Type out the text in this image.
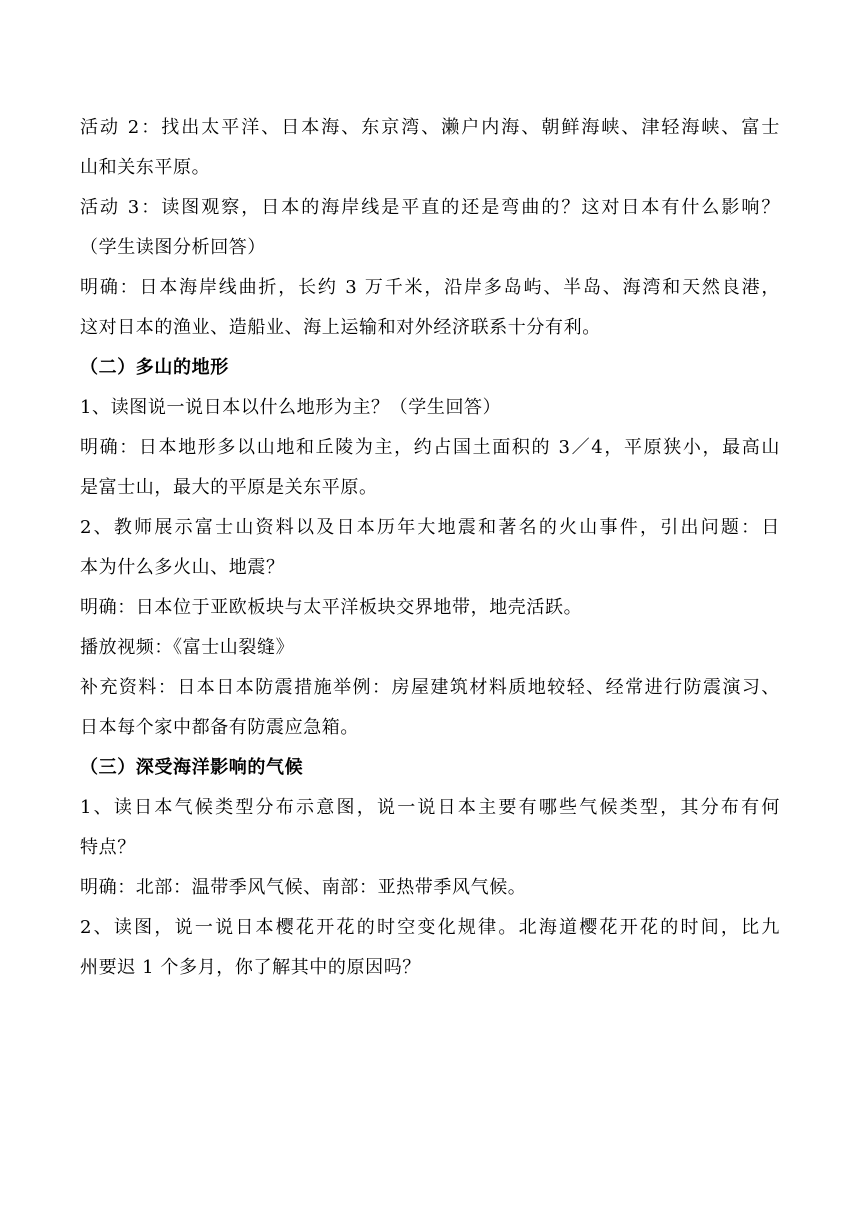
活动 2：找出太平洋、日本海、东京湾、濑户内海、朝鲜海峡、津轻海峡、富士
山和关东平原。
活动 3：读图观察，日本的海岸线是平直的还是弯曲的？这对日本有什么影响？
（学生读图分析回答）
明确：日本海岸线曲折，长约 3 万千米，沿岸多岛屿、半岛、海湾和天然良港，
这对日本的渔业、造船业、海上运输和对外经济联系十分有利。
（二）多山的地形
1、读图说一说日本以什么地形为主？（学生回答）
明确：日本地形多以山地和丘陵为主，约占国土面积的 3／4，平原狭小，最高山
是富士山，最大的平原是关东平原。
2、教师展示富士山资料以及日本历年大地震和著名的火山事件，引出问题：日
本为什么多火山、地震？
明确：日本位于亚欧板块与太平洋板块交界地带，地壳活跃。
播放视频：《富士山裂缝》
补充资料：日本日本防震措施举例：房屋建筑材料质地较轻、经常进行防震演习、
日本每个家中都备有防震应急箱。
（三）深受海洋影响的气候
1、读日本气候类型分布示意图，说一说日本主要有哪些气候类型，其分布有何
特点？
明确：北部：温带季风气候、南部：亚热带季风气候。
2、读图，说一说日本樱花开花的时空变化规律。北海道樱花开花的时间，比九
州要迟 1 个多月，你了解其中的原因吗？
